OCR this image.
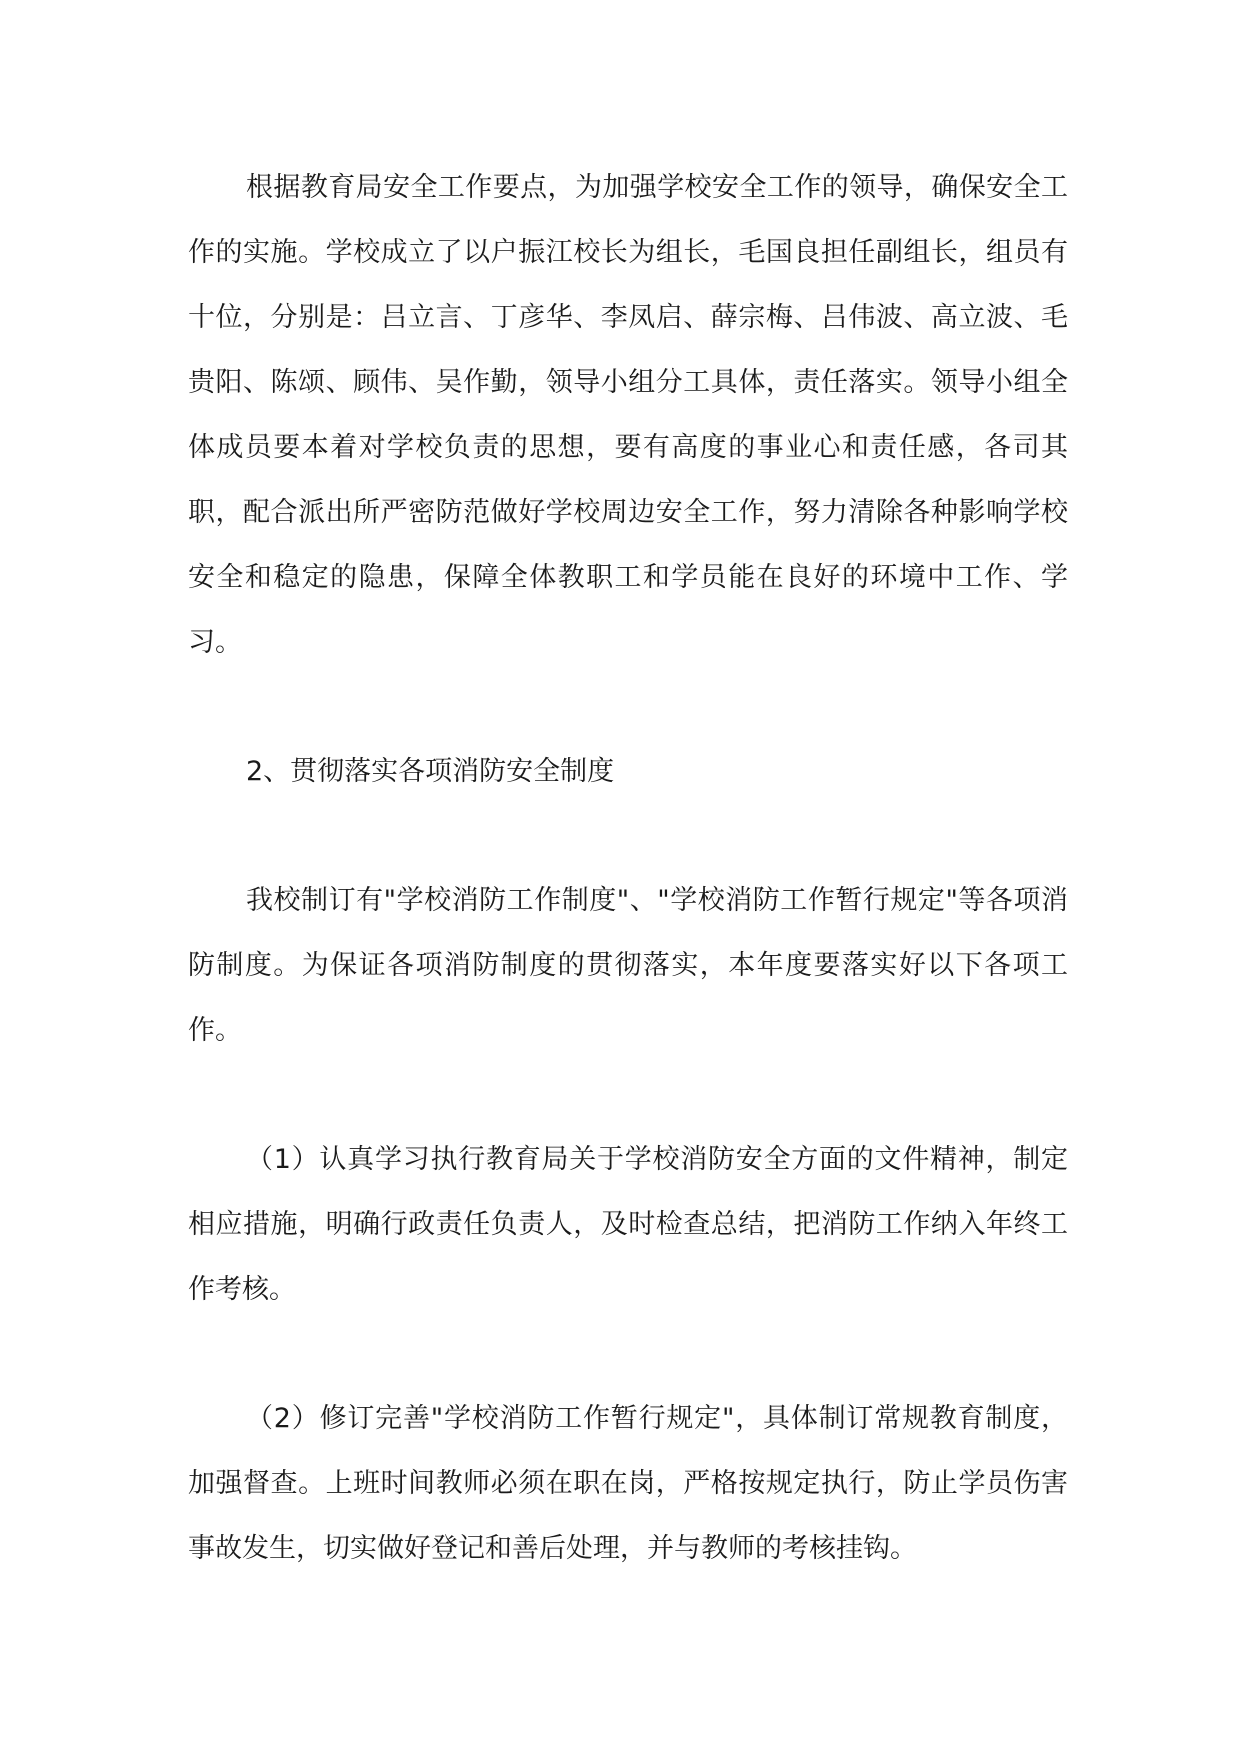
根据教育局安全工作要点，为加强学校安全工作的领导，确保安全工作的实施。学校成立了以户振江校长为组长，毛国良担任副组长，组员有十位，分别是：吕立言、丁彦华、李凤启、薛宗梅、吕伟波、高立波、毛贵阳、陈颂、顾伟、吴作勤，领导小组分工具体，责任落实。领导小组全体成员要本着对学校负责的思想，要有高度的事业心和责任感，各司其职，配合派出所严密防范做好学校周边安全工作，努力清除各种影响学校安全和稳定的隐患，保障全体教职工和学员能在良好的环境中工作、学习。

2、贯彻落实各项消防安全制度

我校制订有"学校消防工作制度"、"学校消防工作暂行规定"等各项消防制度。为保证各项消防制度的贯彻落实，本年度要落实好以下各项工作。

（1）认真学习执行教育局关于学校消防安全方面的文件精神，制定相应措施，明确行政责任负责人，及时检查总结，把消防工作纳入年终工作考核。

（2）修订完善"学校消防工作暂行规定"，具体制订常规教育制度，加强督查。上班时间教师必须在职在岗，严格按规定执行，防止学员伤害事故发生，切实做好登记和善后处理，并与教师的考核挂钩。
